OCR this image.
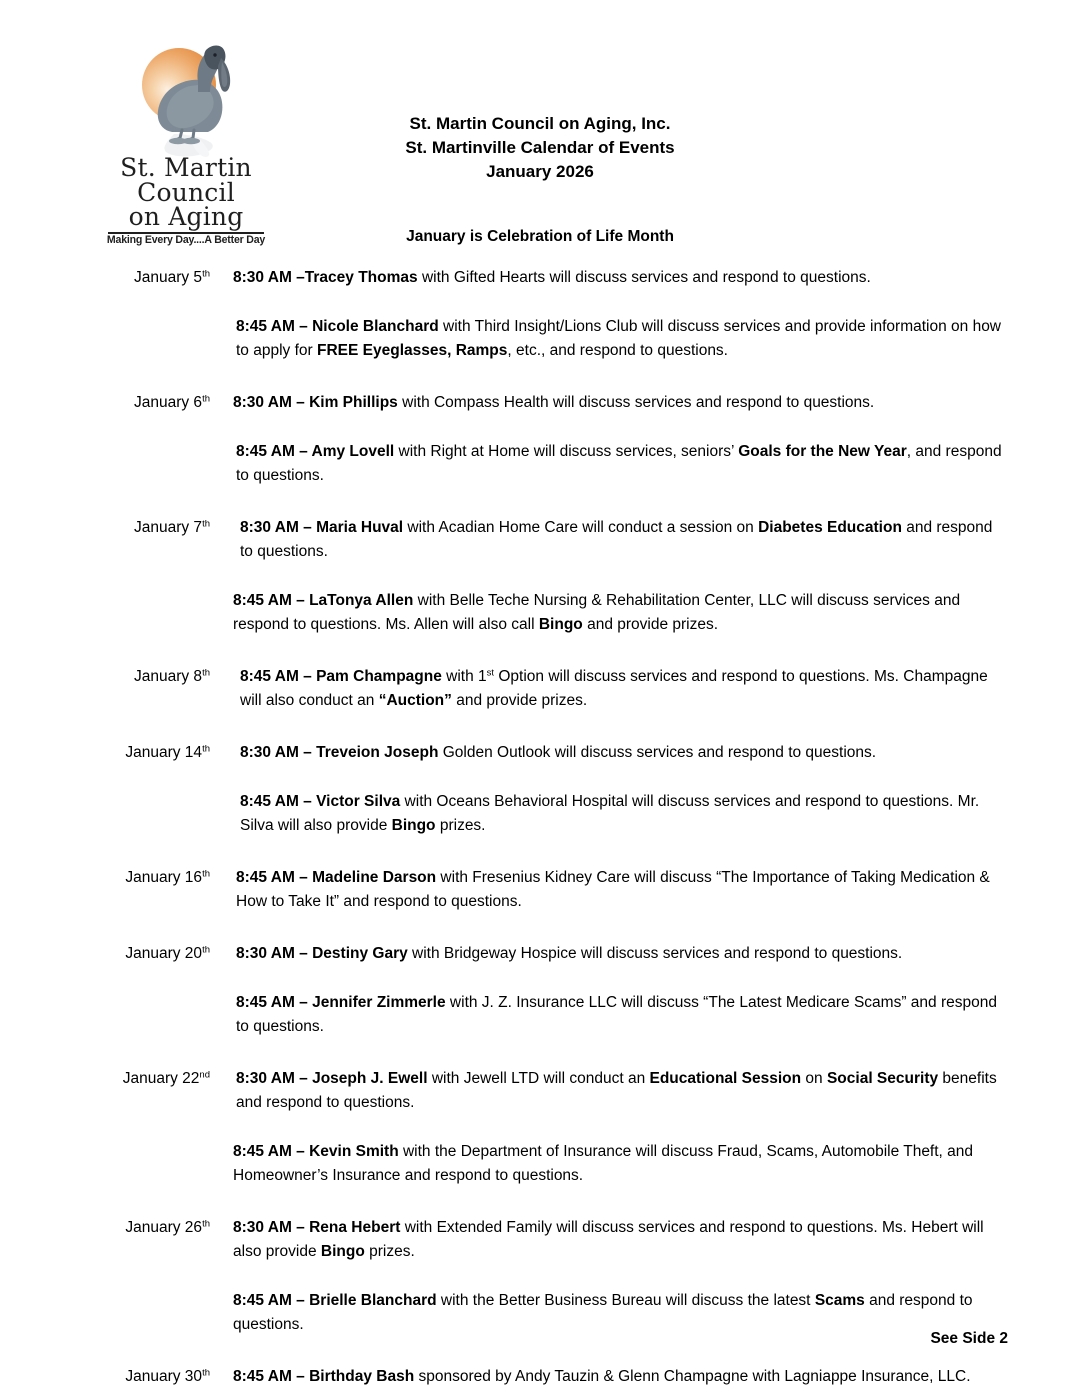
St. Martin
Council
on Aging
Making Every Day....A Better Day
St. Martin Council on Aging, Inc.
St. Martinville Calendar of Events
January 2026
January is Celebration of Life Month
January 5th 8:30 AM –Tracey Thomas with Gifted Hearts will discuss services and respond to questions.

8:45 AM – Nicole Blanchard with Third Insight/Lions Club will discuss services and provide information on how to apply for FREE Eyeglasses, Ramps, etc., and respond to questions.

January 6th 8:30 AM – Kim Phillips with Compass Health will discuss services and respond to questions.

8:45 AM – Amy Lovell with Right at Home will discuss services, seniors’ Goals for the New Year, and respond to questions.

January 7th	8:30 AM – Maria Huval with Acadian Home Care will conduct a session on Diabetes Education and respond to questions.

8:45 AM – LaTonya Allen with Belle Teche Nursing & Rehabilitation Center, LLC will discuss services and respond to questions. Ms. Allen will also call Bingo and provide prizes.

January 8th	8:45 AM – Pam Champagne with 1st Option will discuss services and respond to questions. Ms. Champagne will also conduct an “Auction” and provide prizes.

January 14th	8:30 AM – Treveion Joseph Golden Outlook will discuss services and respond to questions.

8:45 AM – Victor Silva with Oceans Behavioral Hospital will discuss services and respond to questions. Mr. Silva will also provide Bingo prizes.

January 16th 8:45 AM – Madeline Darson with Fresenius Kidney Care will discuss “The Importance of Taking Medication & How to Take It” and respond to questions.

January 20th 8:30 AM – Destiny Gary with Bridgeway Hospice will discuss services and respond to questions.

8:45 AM – Jennifer Zimmerle with J. Z. Insurance LLC will discuss “The Latest Medicare Scams” and respond to questions.

January 22nd 8:30 AM – Joseph J. Ewell with Jewell LTD will conduct an Educational Session on Social Security benefits and respond to questions.

8:45 AM – Kevin Smith with the Department of Insurance will discuss Fraud, Scams, Automobile Theft, and Homeowner’s Insurance and respond to questions.

January 26th 8:30 AM – Rena Hebert with Extended Family will discuss services and respond to questions. Ms. Hebert will also provide Bingo prizes.

8:45 AM – Brielle Blanchard with the Better Business Bureau will discuss the latest Scams and respond to questions.

January 30th 8:45 AM – Birthday Bash sponsored by Andy Tauzin & Glenn Champagne with Lagniappe Insurance, LLC.

See Side 2
